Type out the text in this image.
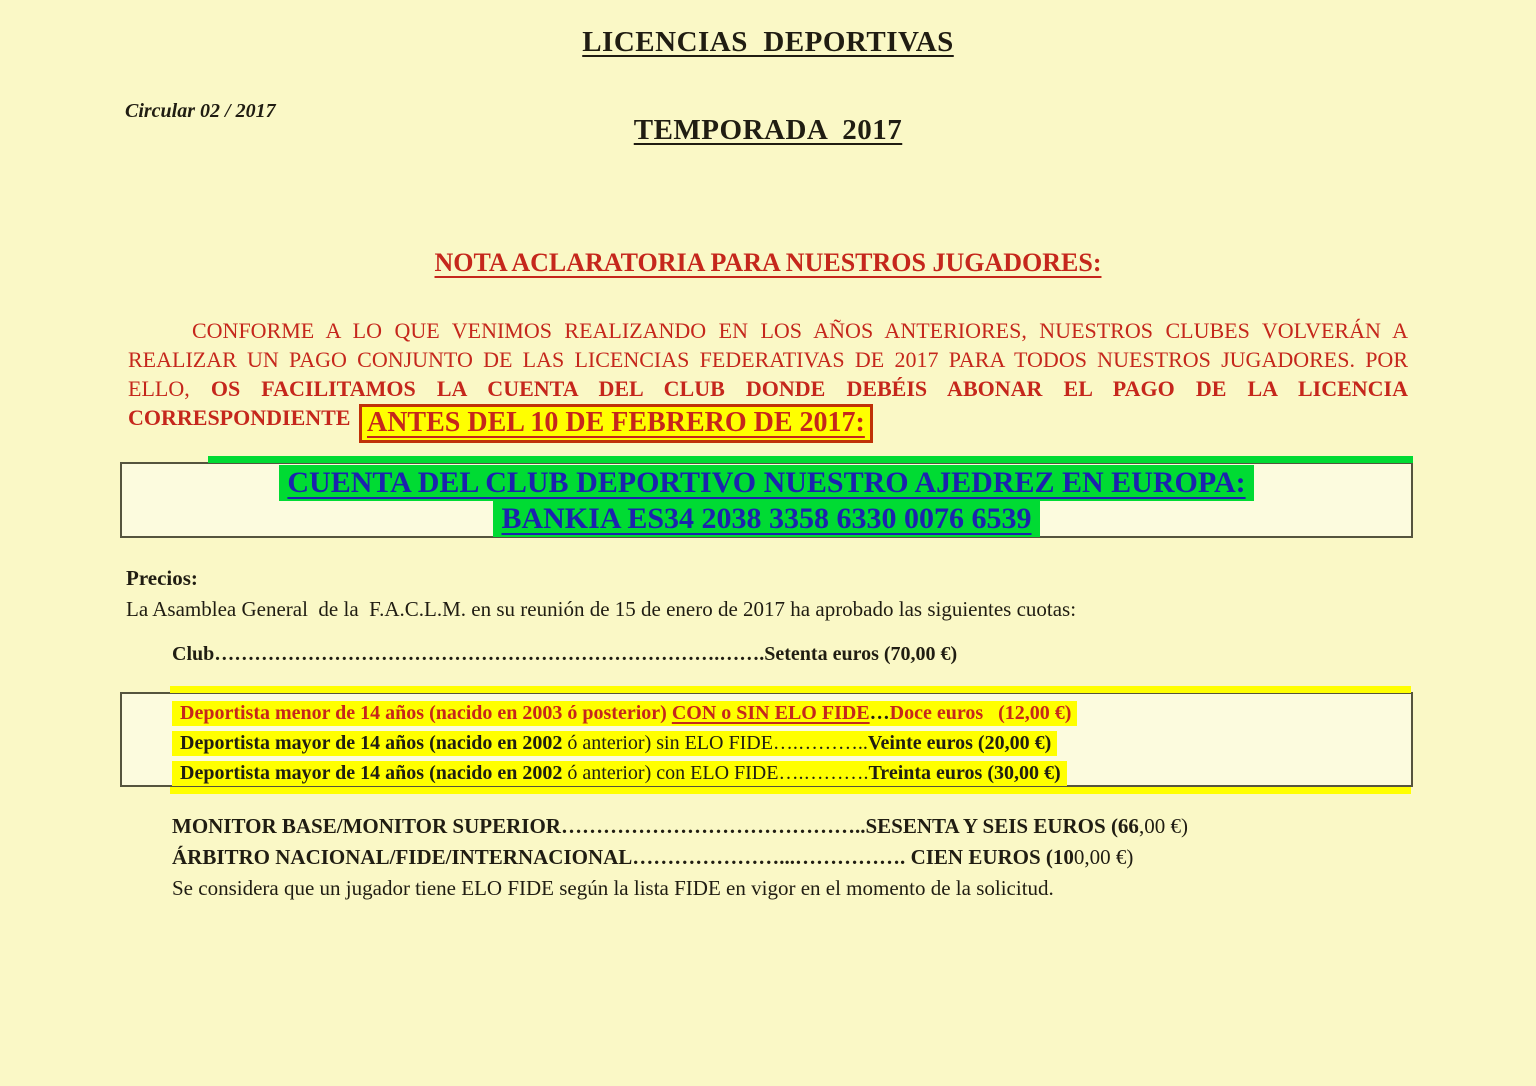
LICENCIAS  DEPORTIVAS
Circular 02 / 2017
TEMPORADA  2017
NOTA ACLARATORIA PARA NUESTROS JUGADORES:

CONFORME A LO QUE VENIMOS REALIZANDO EN LOS AÑOS ANTERIORES, NUESTROS CLUBES VOLVERÁN A REALIZAR UN PAGO CONJUNTO DE LAS LICENCIAS FEDERATIVAS DE 2017 PARA TODOS NUESTROS JUGADORES. POR ELLO, OS FACILITAMOS LA CUENTA DEL CLUB DONDE DEBÉIS ABONAR EL PAGO DE LA LICENCIA CORRESPONDIENTE ANTES DEL 10 DE FEBRERO DE 2017:

CUENTA DEL CLUB DEPORTIVO NUESTRO AJEDREZ EN EUROPA:
BANKIA ES34 2038 3358 6330 0076 6539
Precios:
La Asamblea General  de la  F.A.C.L.M. en su reunión de 15 de enero de 2017 ha aprobado las siguientes cuotas:
Club………………………………………………………………….…….Setenta euros (70,00 €)
Deportista menor de 14 años (nacido en 2003 ó posterior) CON o SIN ELO FIDE…Doce euros   (12,00 €)
Deportista mayor de 14 años (nacido en 2002 ó anterior) sin ELO FIDE….………..Veinte euros (20,00 €)
Deportista mayor de 14 años (nacido en 2002 ó anterior) con ELO FIDE….……….Treinta euros (30,00 €)
MONITOR BASE/MONITOR SUPERIOR……………………………………..SESENTA Y SEIS EUROS (66,00 €)
ÁRBITRO NACIONAL/FIDE/INTERNACIONAL…………………...……………. CIEN EUROS (100,00 €)
Se considera que un jugador tiene ELO FIDE según la lista FIDE en vigor en el momento de la solicitud.
